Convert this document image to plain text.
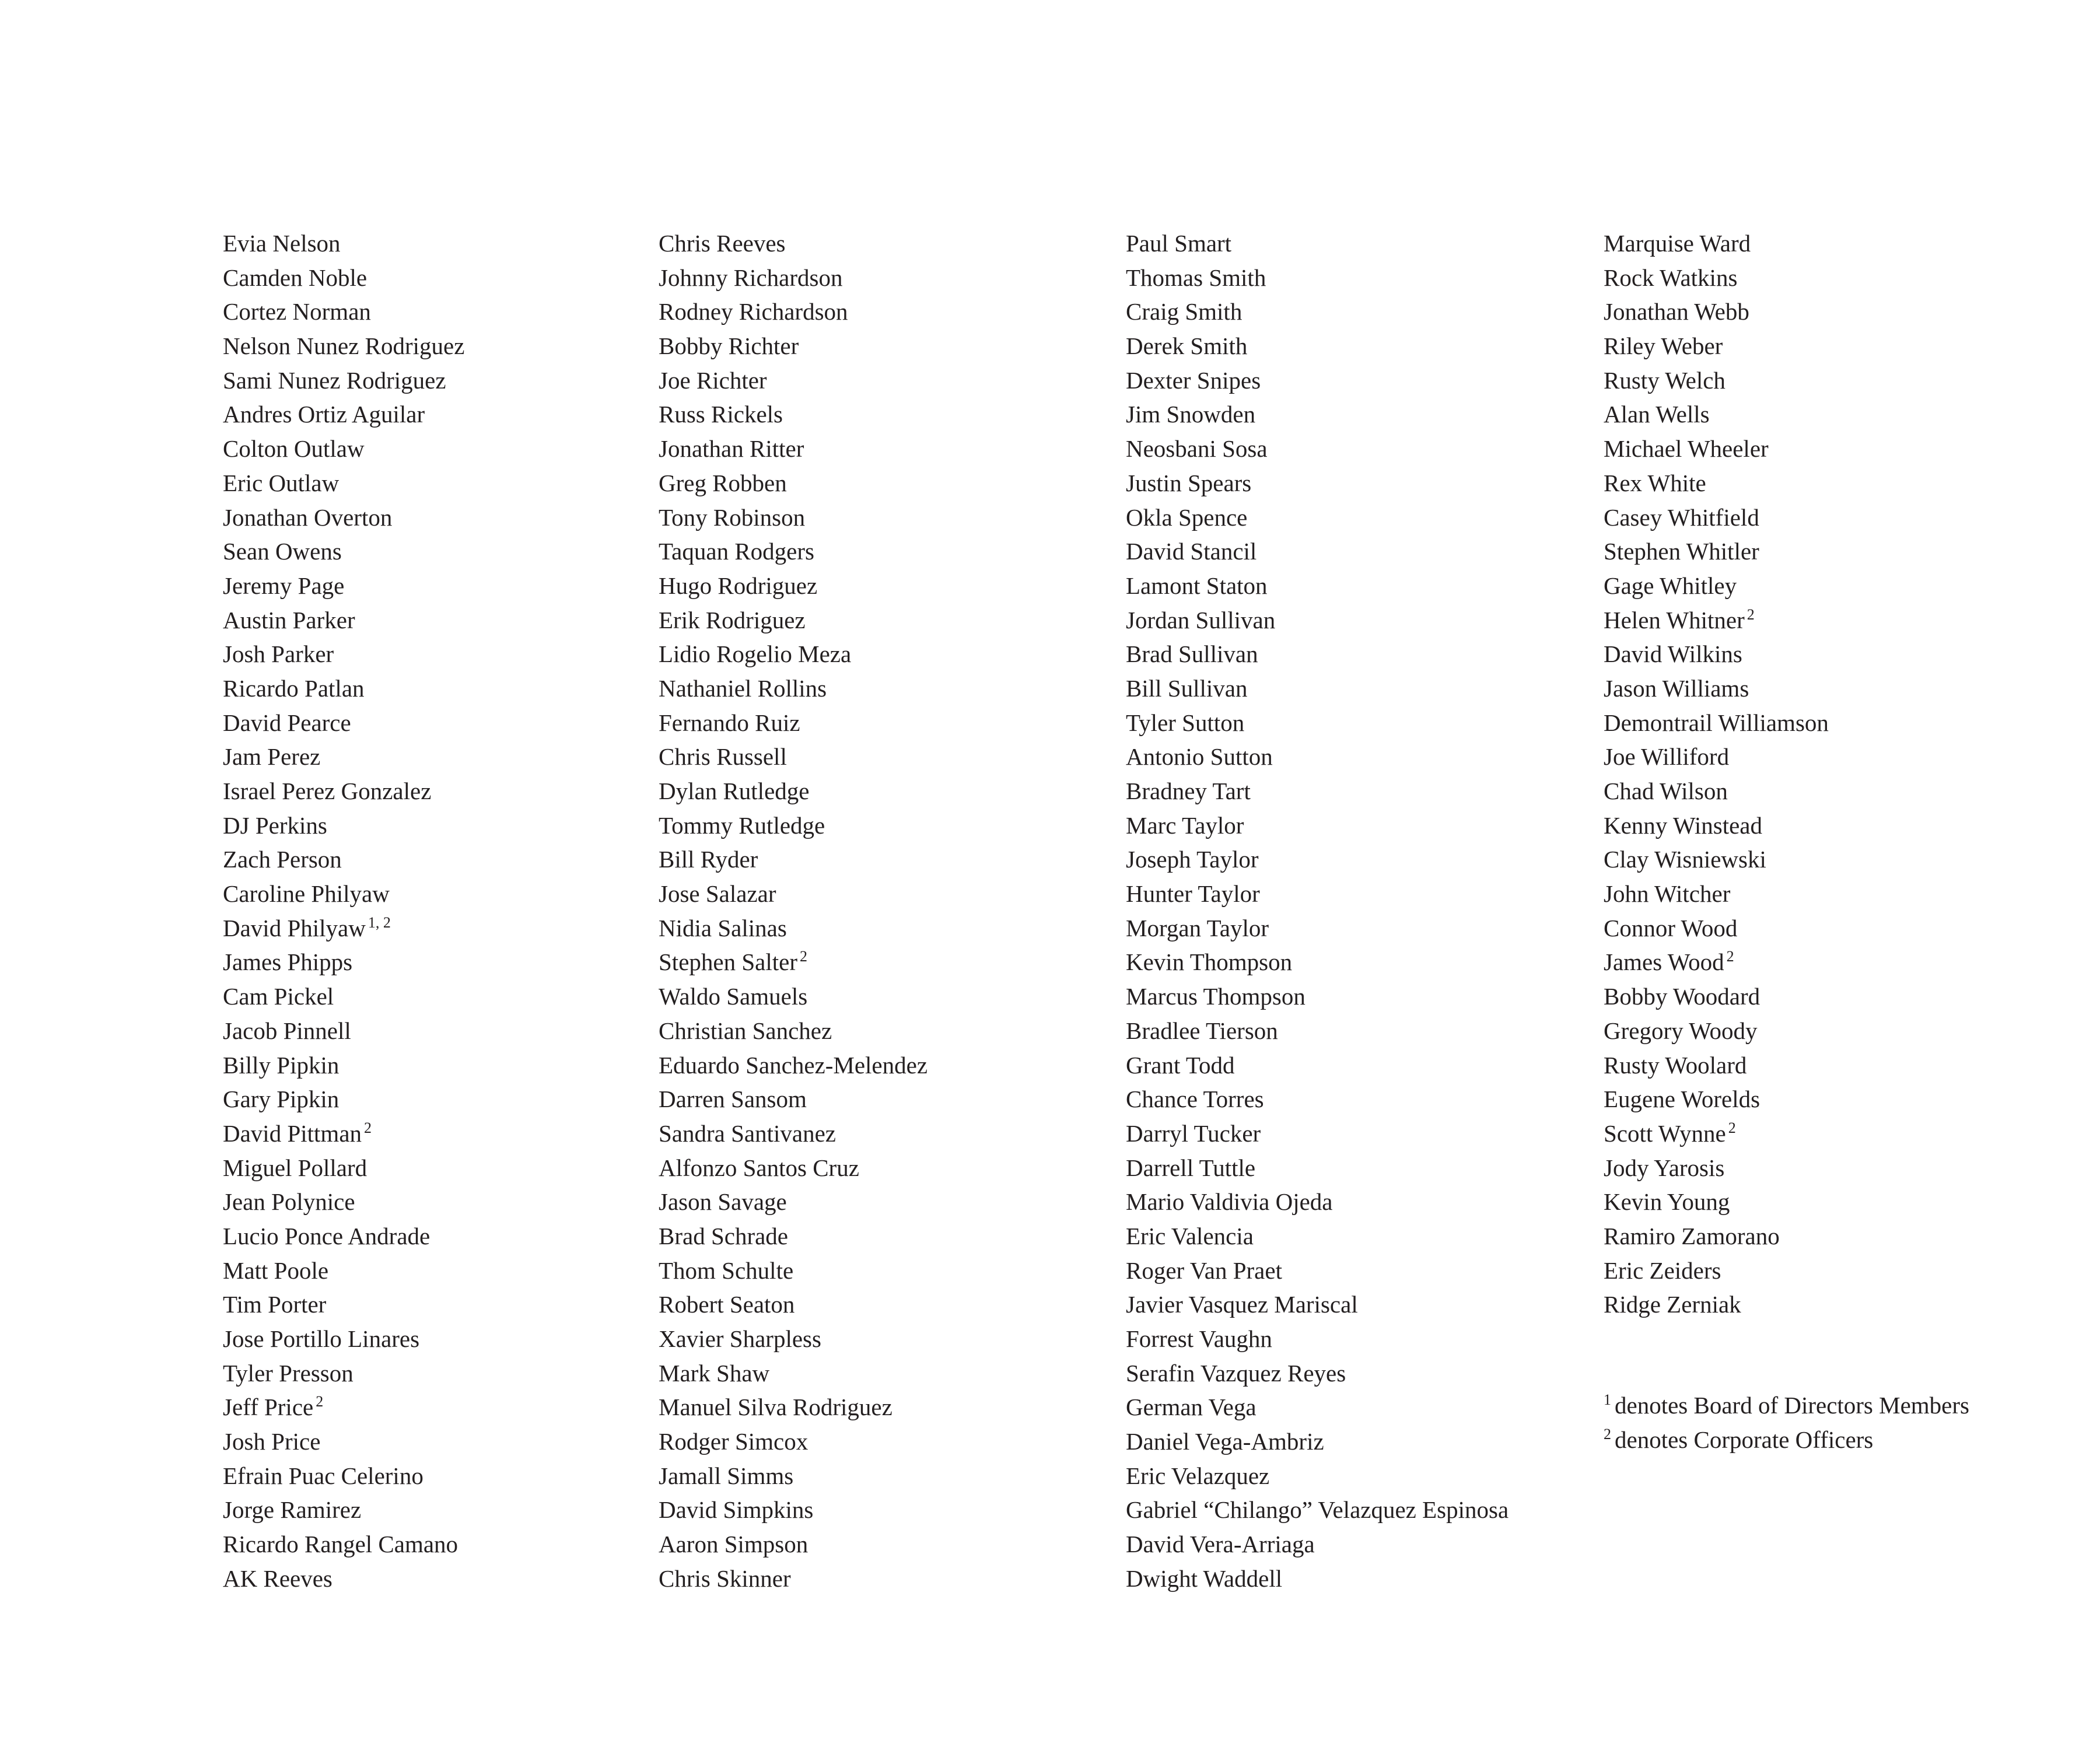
Evia Nelson
Camden Noble
Cortez Norman
Nelson Nunez Rodriguez
Sami Nunez Rodriguez
Andres Ortiz Aguilar
Colton Outlaw
Eric Outlaw
Jonathan Overton
Sean Owens
Jeremy Page
Austin Parker
Josh Parker
Ricardo Patlan
David Pearce
Jam Perez
Israel Perez Gonzalez
DJ Perkins
Zach Person
Caroline Philyaw
David Philyaw $^{1, 2}$
James Phipps
Cam Pickel
Jacob Pinnell
Billy Pipkin
Gary Pipkin
David Pittman $^2$
Miguel Pollard
Jean Polynice
Lucio Ponce Andrade
Matt Poole
Tim Porter
Jose Portillo Linares
Tyler Presson
Jeff Price $^2$
Josh Price
Efrain Puac Celerino
Jorge Ramirez
Ricardo Rangel Camano
AK Reeves
Chris Reeves
Johnny Richardson
Rodney Richardson
Bobby Richter
Joe Richter
Russ Rickels
Jonathan Ritter
Greg Robben
Tony Robinson
Taquan Rodgers
Hugo Rodriguez
Erik Rodriguez
Lidio Rogelio Meza
Nathaniel Rollins
Fernando Ruiz
Chris Russell
Dylan Rutledge
Tommy Rutledge
Bill Ryder
Jose Salazar
Nidia Salinas
Stephen Salter $^2$
Waldo Samuels
Christian Sanchez
Eduardo Sanchez-Melendez
Darren Sansom
Sandra Santivanez
Alfonzo Santos Cruz
Jason Savage
Brad Schrade
Thom Schulte
Robert Seaton
Xavier Sharpless
Mark Shaw
Manuel Silva Rodriguez
Rodger Simcox
Jamall Simms
David Simpkins
Aaron Simpson
Chris Skinner
Paul Smart
Thomas Smith
Craig Smith
Derek Smith
Dexter Snipes
Jim Snowden
Neosbani Sosa
Justin Spears
Okla Spence
David Stancil
Lamont Staton
Jordan Sullivan
Brad Sullivan
Bill Sullivan
Tyler Sutton
Antonio Sutton
Bradney Tart
Marc Taylor
Joseph Taylor
Hunter Taylor
Morgan Taylor
Kevin Thompson
Marcus Thompson
Bradlee Tierson
Grant Todd
Chance Torres
Darryl Tucker
Darrell Tuttle
Mario Valdivia Ojeda
Eric Valencia
Roger Van Praet
Javier Vasquez Mariscal
Forrest Vaughn
Serafin Vazquez Reyes
German Vega
Daniel Vega-Ambriz
Eric Velazquez
Gabriel “Chilango” Velazquez Espinosa
David Vera-Arriaga
Dwight Waddell
Marquise Ward
Rock Watkins
Jonathan Webb
Riley Weber
Rusty Welch
Alan Wells
Michael Wheeler
Rex White
Casey Whitfield
Stephen Whitler
Gage Whitley
Helen Whitner $^2$
David Wilkins
Jason Williams
Demontrail Williamson
Joe Williford
Chad Wilson
Kenny Winstead
Clay Wisniewski
John Witcher
Connor Wood
James Wood $^2$
Bobby Woodard
Gregory Woody
Rusty Woolard
Eugene Worelds
Scott Wynne $^2$
Jody Yarosis
Kevin Young
Ramiro Zamorano
Eric Zeiders
Ridge Zerniak
$^1$ denotes Board of Directors Members
$^2$ denotes Corporate Officers
